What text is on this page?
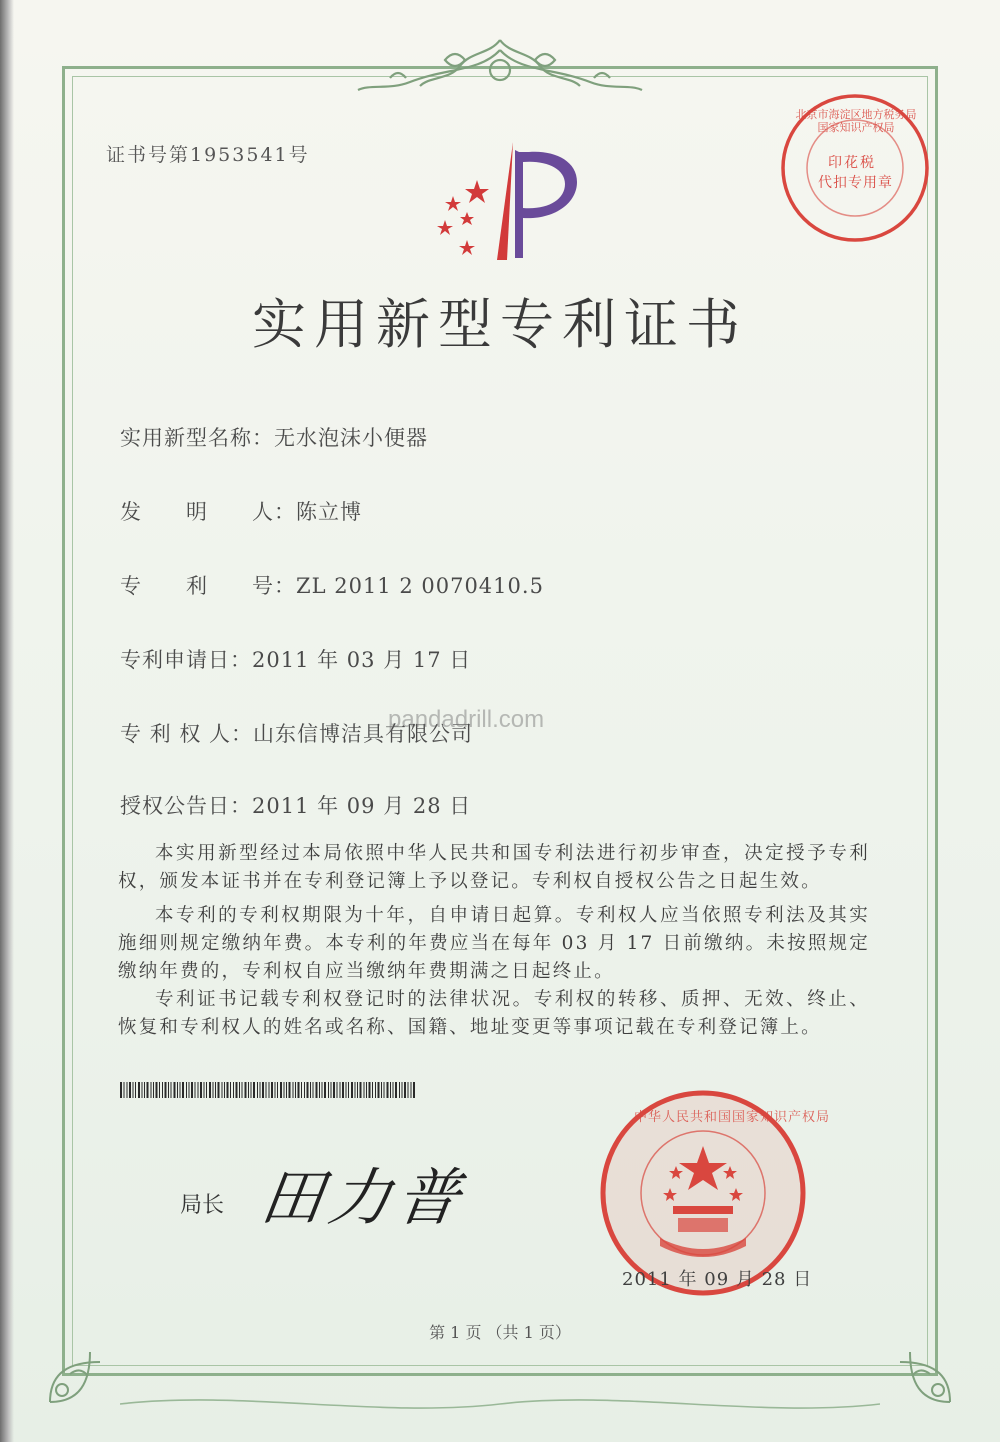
证书号第1953541号
北京市海淀区地方税务局 国家知识产权局
印花税
代扣专用章
实用新型专利证书
实用新型名称：无水泡沫小便器
发　　明　　人：陈立博
专　　利　　号：ZL 2011 2 0070410.5
专利申请日：2011 年 03 月 17 日
专 利 权 人：山东信博洁具有限公司
授权公告日：2011 年 09 月 28 日
pandadrill.com
本实用新型经过本局依照中华人民共和国专利法进行初步审查，决定授予专利权，颁发本证书并在专利登记簿上予以登记。专利权自授权公告之日起生效。
本专利的专利权期限为十年，自申请日起算。专利权人应当依照专利法及其实施细则规定缴纳年费。本专利的年费应当在每年 03 月 17 日前缴纳。未按照规定缴纳年费的，专利权自应当缴纳年费期满之日起终止。
专利证书记载专利权登记时的法律状况。专利权的转移、质押、无效、终止、恢复和专利权人的姓名或名称、国籍、地址变更等事项记载在专利登记簿上。
局长 田力普
中华人民共和国国家知识产权局
2011 年 09 月 28 日
第 1 页 （共 1 页）
